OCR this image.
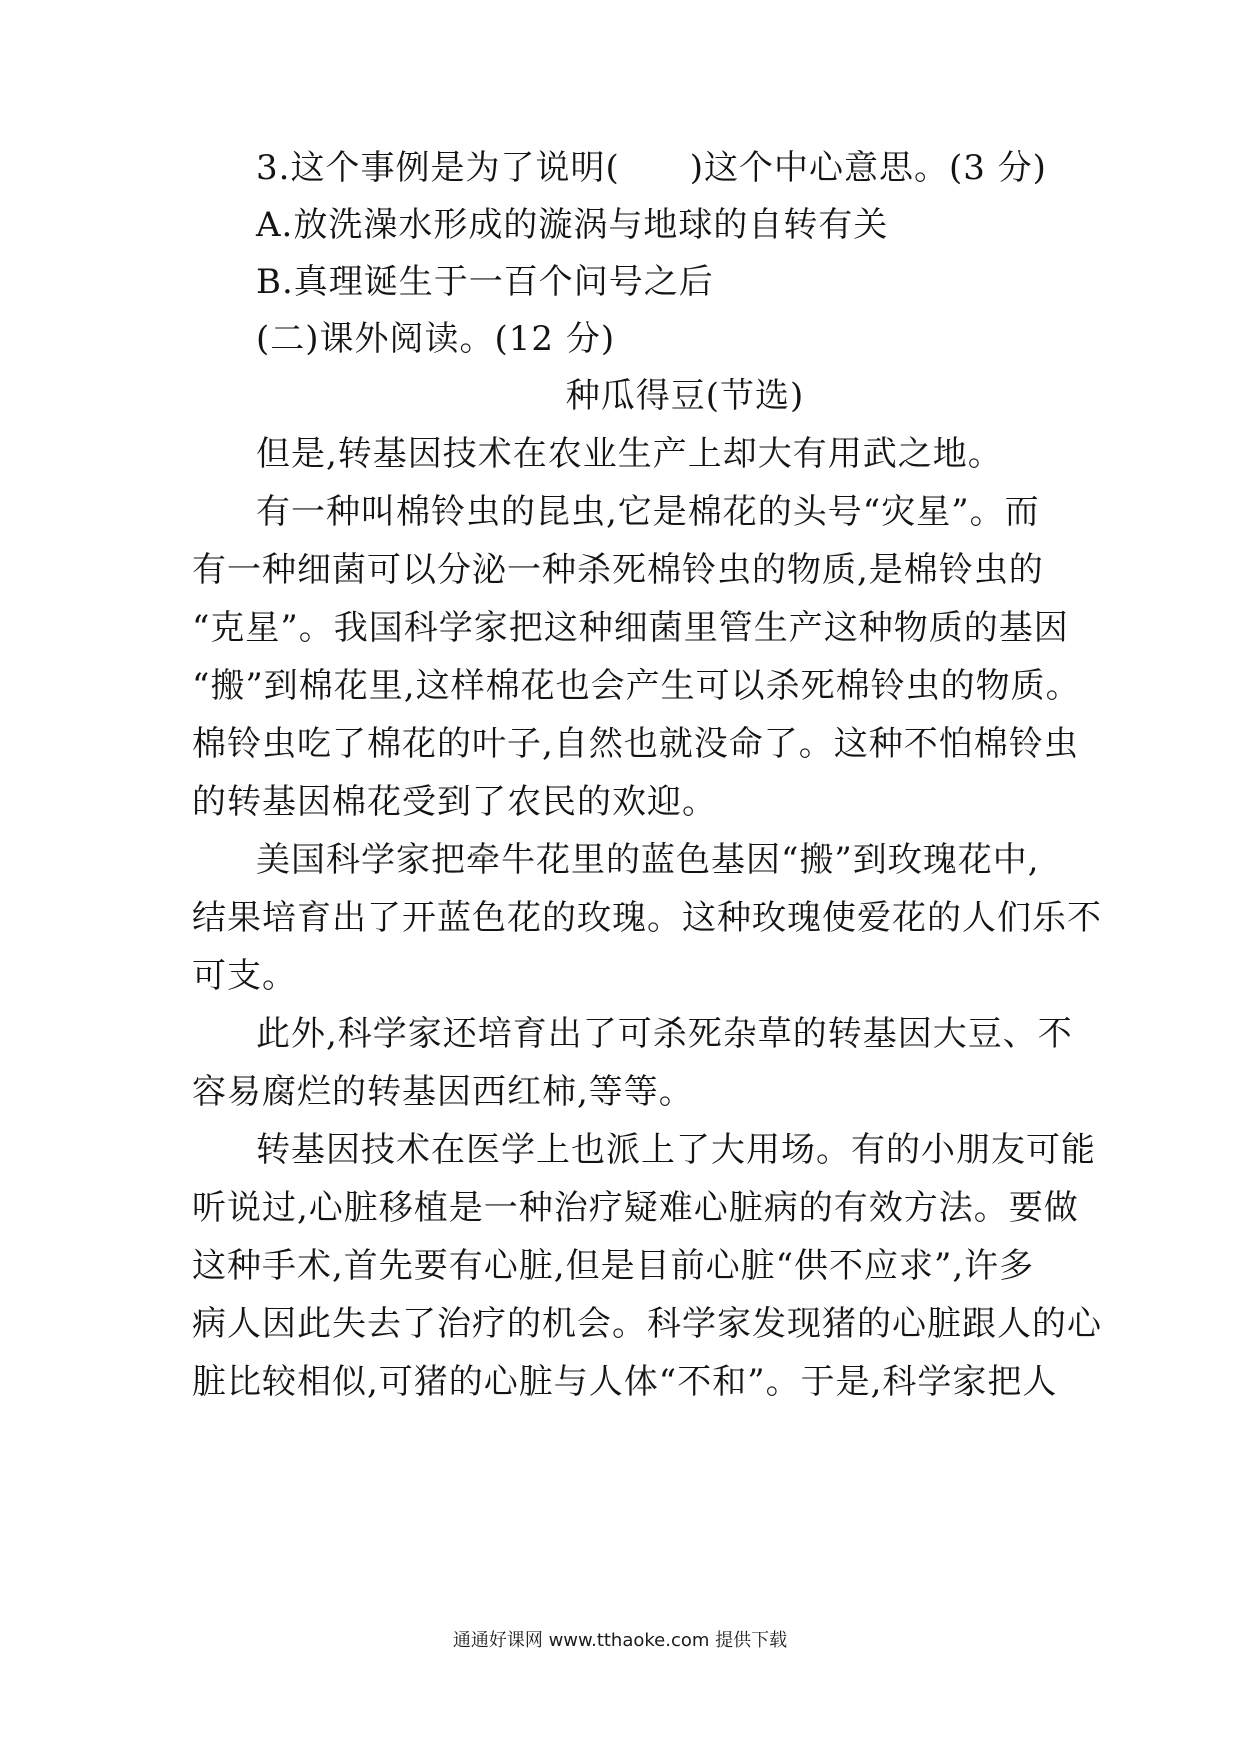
3.这个事例是为了说明(　　)这个中心意思。(3 分)

A.放洗澡水形成的漩涡与地球的自转有关

B.真理诞生于一百个问号之后

(二)课外阅读。(12 分)

种瓜得豆(节选)

但是,转基因技术在农业生产上却大有用武之地。

有一种叫棉铃虫的昆虫,它是棉花的头号“灾星”。而

有一种细菌可以分泌一种杀死棉铃虫的物质,是棉铃虫的

“克星”。我国科学家把这种细菌里管生产这种物质的基因

“搬”到棉花里,这样棉花也会产生可以杀死棉铃虫的物质。

棉铃虫吃了棉花的叶子,自然也就没命了。这种不怕棉铃虫

的转基因棉花受到了农民的欢迎。

美国科学家把牵牛花里的蓝色基因“搬”到玫瑰花中,

结果培育出了开蓝色花的玫瑰。这种玫瑰使爱花的人们乐不

可支。

此外,科学家还培育出了可杀死杂草的转基因大豆、不

容易腐烂的转基因西红柿,等等。

转基因技术在医学上也派上了大用场。有的小朋友可能

听说过,心脏移植是一种治疗疑难心脏病的有效方法。要做

这种手术,首先要有心脏,但是目前心脏“供不应求”,许多

病人因此失去了治疗的机会。科学家发现猪的心脏跟人的心

脏比较相似,可猪的心脏与人体“不和”。于是,科学家把人

通通好课网 www.tthaoke.com 提供下载
